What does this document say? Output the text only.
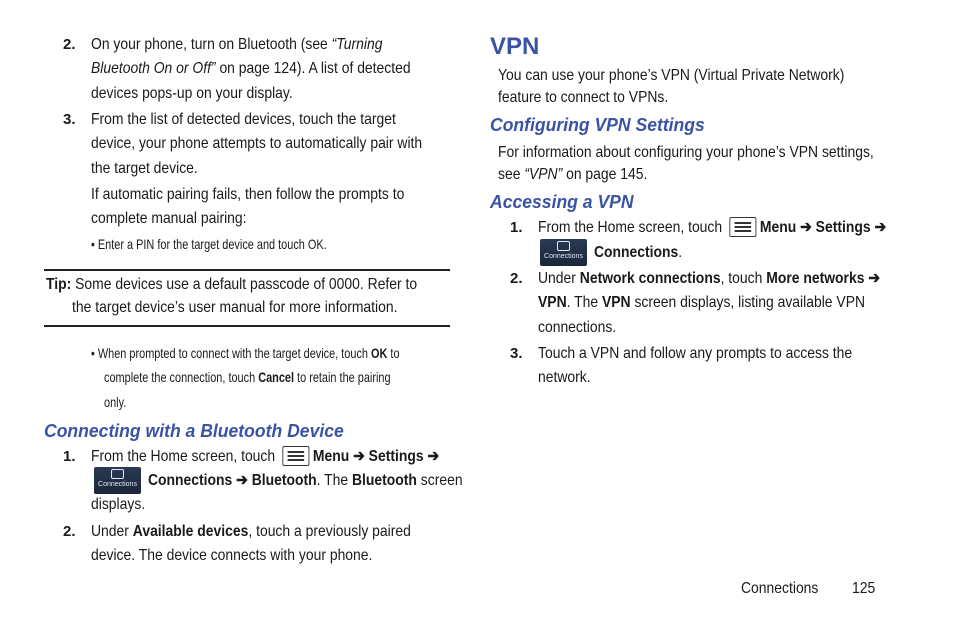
2. On your phone, turn on Bluetooth (see “Turning
Bluetooth On or Off” on page 124). A list of detected
devices pops-up on your display.
3. From the list of detected devices, touch the target
device, your phone attempts to automatically pair with
the target device.
If automatic pairing fails, then follow the prompts to
complete manual pairing:
• Enter a PIN for the target device and touch OK.
Tip: Some devices use a default passcode of 0000. Refer to
the target device’s user manual for more information.
• When prompted to connect with the target device, touch OK to
complete the connection, touch Cancel to retain the pairing
only.
Connecting with a Bluetooth Device
1. From the Home screen, touch Menu ➔ Settings ➔
Connections Connections ➔ Bluetooth. The Bluetooth screen
displays.
2. Under Available devices, touch a previously paired
device. The device connects with your phone.
VPN
You can use your phone’s VPN (Virtual Private Network)
feature to connect to VPNs.
Configuring VPN Settings
For information about configuring your phone’s VPN settings,
see “VPN” on page 145.
Accessing a VPN
1. From the Home screen, touch Menu ➔ Settings ➔
Connections Connections.
2. Under Network connections, touch More networks ➔
VPN. The VPN screen displays, listing available VPN
connections.
3. Touch a VPN and follow any prompts to access the
network.
Connections 125
